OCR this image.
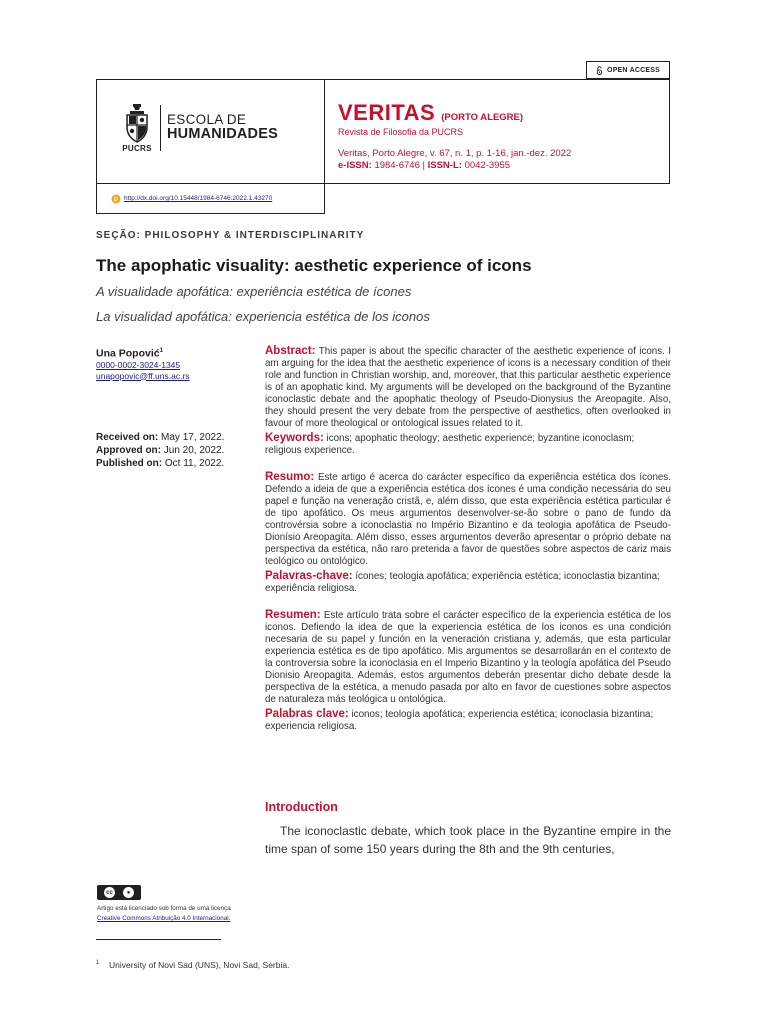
OPEN ACCESS
PUCRS
ESCOLA DE
HUMANIDADES
VERITAS (PORTO ALEGRE)
Revista de Filosofia da PUCRS
Veritas, Porto Alegre, v. 67, n. 1, p. 1-16, jan.-dez. 2022
e-ISSN: 1984-6746 | ISSN-L: 0042-3955
D http://dx.doi.org/10.15448/1984-6746.2022.1.43270
SEÇÃO: PHILOSOPHY & INTERDISCIPLINARITY
The apophatic visuality: aesthetic experience of icons
A visualidade apofática: experiência estética de ícones
La visualidad apofática: experiencia estética de los iconos
Una Popović$^1$
0000-0002-3024-1345
unapopovic@ff.uns.ac.rs
Received on: May 17, 2022.
Approved on: Jun 20, 2022.
Published on: Oct 11, 2022.
Abstract: This paper is about the specific character of the aesthetic experience of icons. I am arguing for the idea that the aesthetic experience of icons is a necessary condition of their role and function in Christian worship, and, moreover, that this particular aesthetic experience is of an apophatic kind. My arguments will be developed on the background of the Byzantine iconoclastic debate and the apophatic theology of Pseudo-Dionysius the Areopagite. Also, they should present the very debate from the perspective of aesthetics, often overlooked in favour of more theological or ontological issues related to it.
Keywords: icons; apophatic theology; aesthetic experience; byzantine iconoclasm; religious experience.
Resumo: Este artigo é acerca do carácter específico da experiência estética dos ícones. Defendo a ideia de que a experiência estética dos ícones é uma condição necessária do seu papel e função na veneração cristã, e, além disso, que esta experiência estética particular é de tipo apofático. Os meus argumentos desenvolver-se-ão sobre o pano de fundo da controvérsia sobre a iconoclastia no Império Bizantino e da teologia apofática de Pseudo-Dionísio Areopagita. Além disso, esses argumentos deverão apresentar o próprio debate na perspectiva da estética, não raro preterida a favor de questões sobre aspectos de cariz mais teológico ou ontológico.
Palavras-chave: ícones; teologia apofática; experiência estética; iconoclastia bizantina; experiência religiosa.
Resumen: Este artículo trata sobre el carácter específico de la experiencia estética de los iconos. Defiendo la idea de que la experiencia estética de los iconos es una condición necesaria de su papel y función en la veneración cristiana y, además, que esta particular experiencia estética es de tipo apofático. Mis argumentos se desarrollarán en el contexto de la controversia sobre la iconoclasia en el Imperio Bizantino y la teología apofática del Pseudo Dionisio Areopagita. Además, estos argumentos deberán presentar dicho debate desde la perspectiva de la estética, a menudo pasada por alto en favor de cuestiones sobre aspectos de naturaleza más teológica u ontológica.
Palabras clave: iconos; teología apofática; experiencia estética; iconoclasia bizantina; experiencia religiosa.
Introduction

The iconoclastic debate, which took place in the Byzantine empire in the time span of some 150 years during the 8th and the 9th centuries,

cc	●
Artigo está licenciado sob forma de uma licença
Creative Commons Atribuição 4.0 Internacional.
1 University of Novi Sad (UNS), Novi Sad, Serbia.
